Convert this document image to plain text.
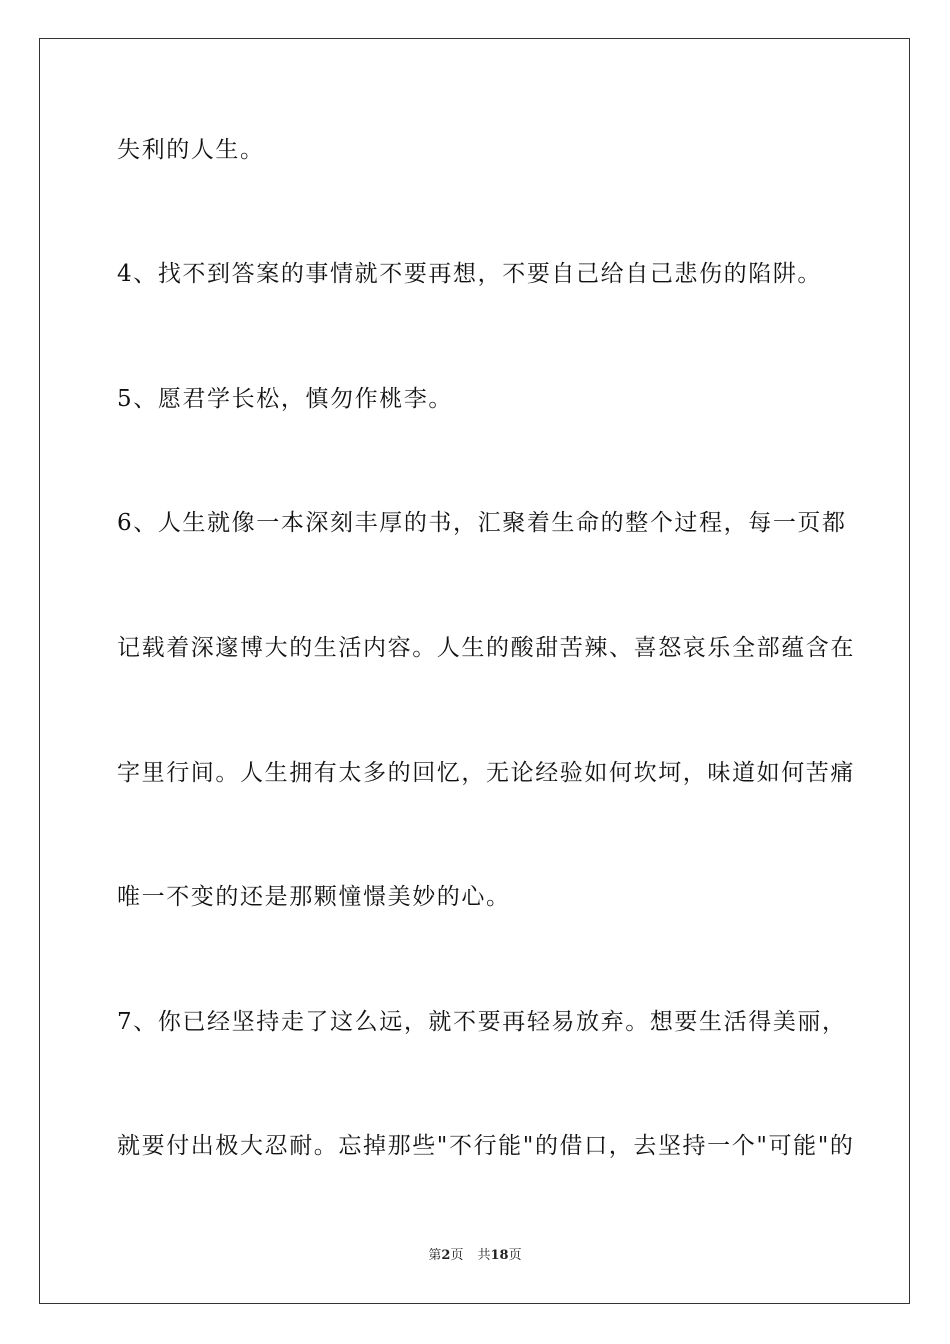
失利的人生。
4、找不到答案的事情就不要再想，不要自己给自己悲伤的陷阱。
5、愿君学长松，慎勿作桃李。
6、人生就像一本深刻丰厚的书，汇聚着生命的整个过程，每一页都
记载着深邃博大的生活内容。人生的酸甜苦辣、喜怒哀乐全部蕴含在
字里行间。人生拥有太多的回忆，无论经验如何坎坷，味道如何苦痛
唯一不变的还是那颗憧憬美妙的心。
7、你已经坚持走了这么远，就不要再轻易放弃。想要生活得美丽，
就要付出极大忍耐。忘掉那些"不行能"的借口，去坚持一个"可能"的
第2页 共18页
